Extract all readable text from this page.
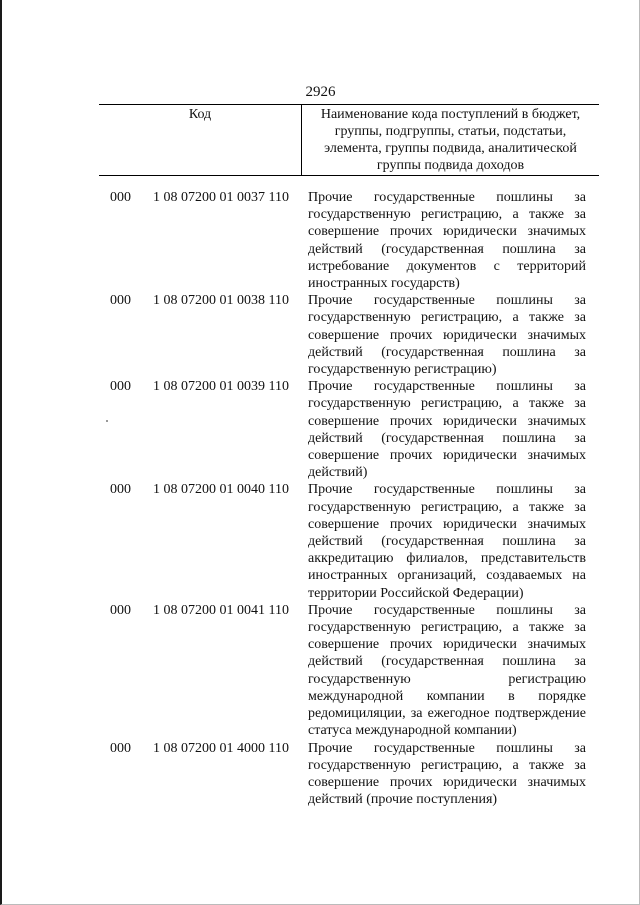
2926
Код	Наименование кода поступлений в бюджет,
группы, подгруппы, статьи, подстатьи,
элемента, группы подвида, аналитической
группы подвида доходов
000 1 08 07200 01 0037 110 Прочие государственные пошлины за
государственную регистрацию, а также за
совершение прочих юридически значимых
действий (государственная пошлина за
истребование документов с территорий
иностранных государств)
000 1 08 07200 01 0038 110 Прочие государственные пошлины за
государственную регистрацию, а также за
совершение прочих юридически значимых
действий (государственная пошлина за
государственную регистрацию)
000 1 08 07200 01 0039 110 Прочие государственные пошлины за
государственную регистрацию, а также за
совершение прочих юридически значимых
действий (государственная пошлина за
совершение прочих юридически значимых
действий)
000 1 08 07200 01 0040 110 Прочие государственные пошлины за
государственную регистрацию, а также за
совершение прочих юридически значимых
действий (государственная пошлина за
аккредитацию филиалов, представительств
иностранных организаций, создаваемых на
территории Российской Федерации)
000 1 08 07200 01 0041 110 Прочие государственные пошлины за
государственную регистрацию, а также за
совершение прочих юридически значимых
действий (государственная пошлина за
государственную регистрацию
международной компании в порядке
редомициляции, за ежегодное подтверждение
статуса международной компании)
000 1 08 07200 01 4000 110 Прочие государственные пошлины за
государственную регистрацию, а также за
совершение прочих юридически значимых
действий (прочие поступления)
